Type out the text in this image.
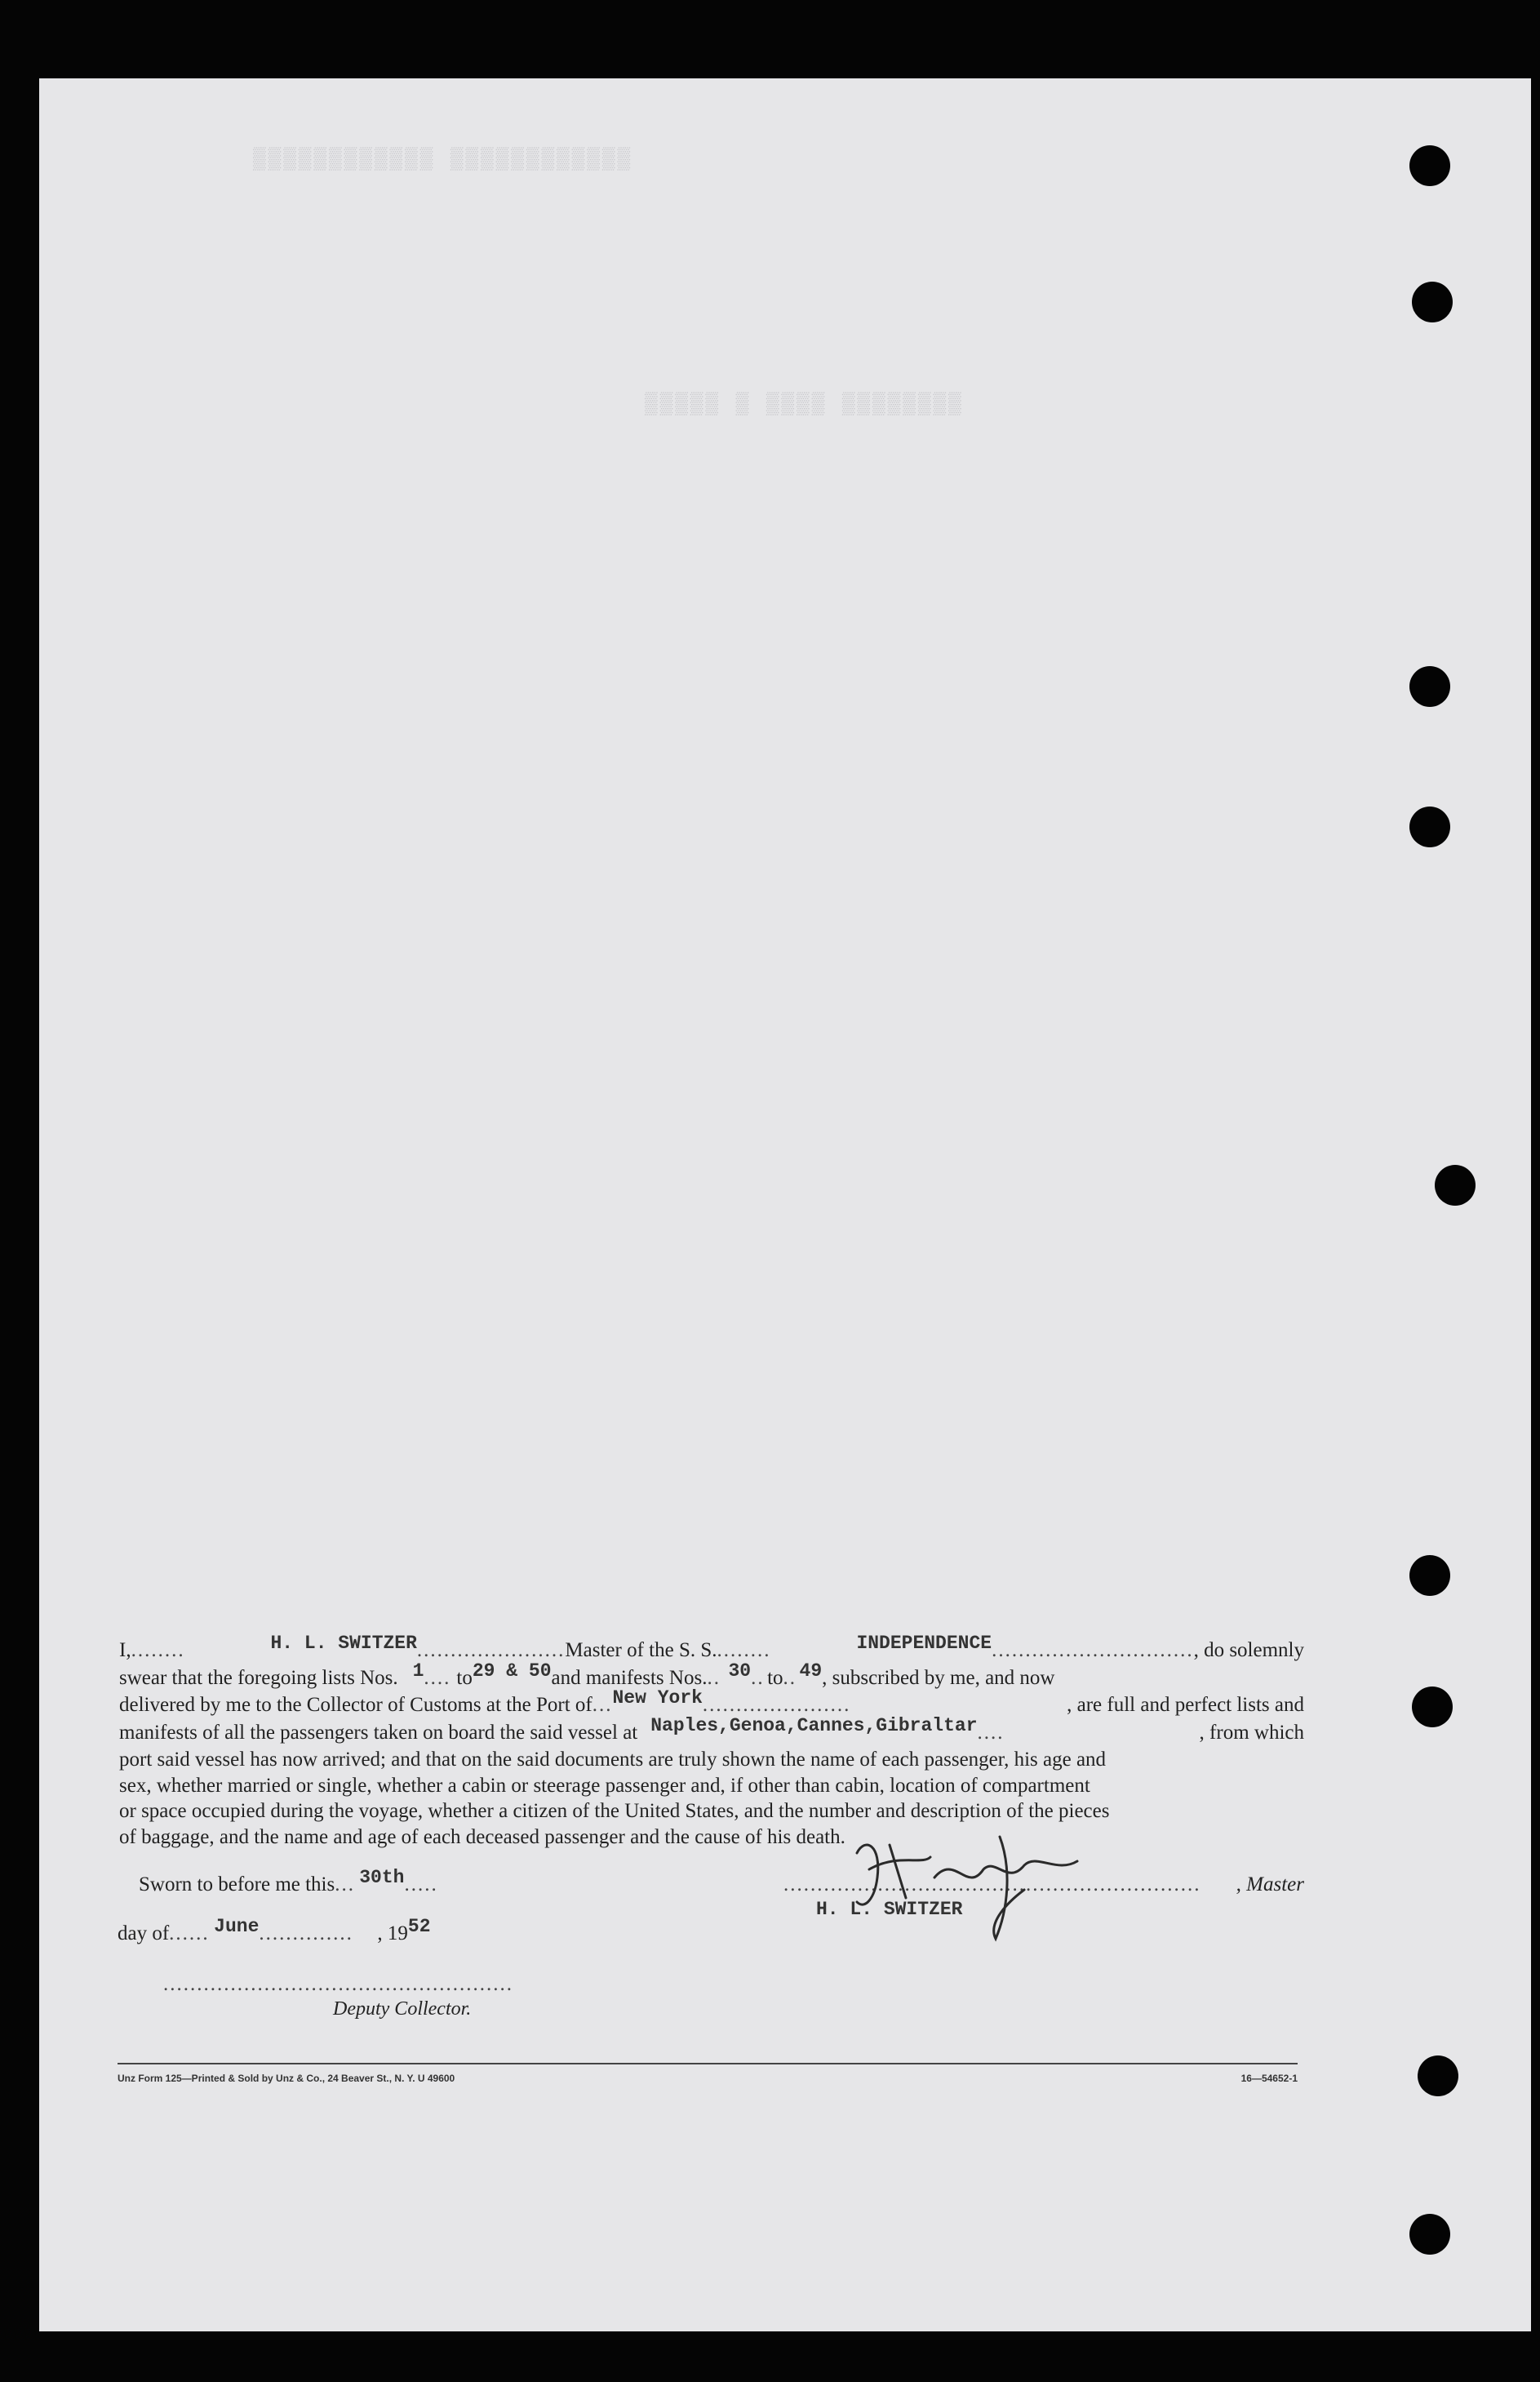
▒▒▒▒▒▒▒▒▒▒▒▒ ▒▒▒▒▒▒▒▒▒▒▒▒
▒▒▒▒▒ ▒ ▒▒▒▒ ▒▒▒▒▒▒▒▒
I, ........	H. L. SWITZER ...................... Master of the S. S. ........	INDEPENDENCE .............................. , do solemnly
swear that the foregoing lists Nos. 1 .... to 29 & 50 and manifests Nos. .. 30 .. to .. 49 , subscribed by me, and now
delivered by me to the Collector of Customs at the Port of ... New York ......................	, are full and perfect lists and
manifests of all the passengers taken on board the said vessel at Naples,Genoa,Cannes,Gibraltar ....	, from which
port said vessel has now arrived; and that on the said documents are truly shown the name of each passenger, his age and
sex, whether married or single, whether a cabin or steerage passenger and, if other than cabin, location of compartment
or space occupied during the voyage, whether a citizen of the United States, and the number and description of the pieces
of baggage, and the name and age of each deceased passenger and the cause of his death.
Sworn to before me this ... 30th .....
day of ...... June ..............	, 19 52
....................................................
Deputy Collector.
..............................................................	, Master
H. L. SWITZER
Unz Form 125—Printed & Sold by Unz & Co., 24 Beaver St., N. Y. U 49600	16—54652-1
